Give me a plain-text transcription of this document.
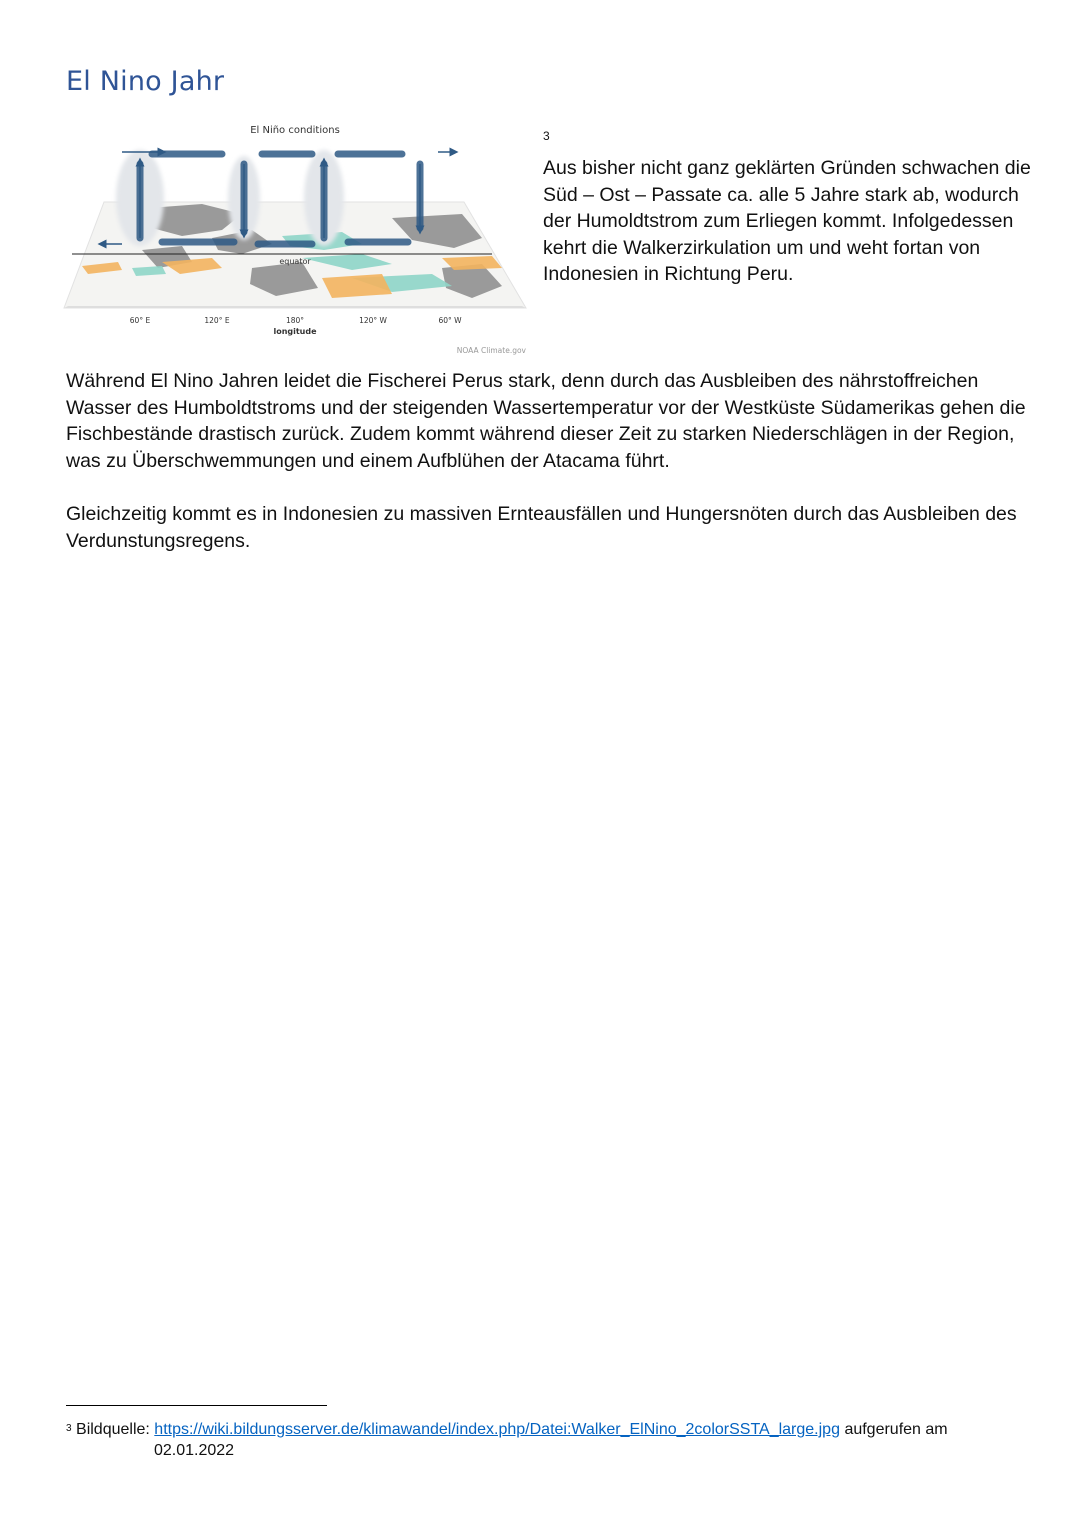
El Nino Jahr
El Niño conditions
equator
60° E	120° E	180°	120° W	60° W
longitude
NOAA Climate.gov
3

Aus bisher nicht ganz geklärten Gründen schwachen die Süd – Ost – Passate ca. alle 5 Jahre stark ab, wodurch der Humoldtstrom zum Erliegen kommt. Infolgedessen kehrt die Walkerzirkulation um und weht fortan von Indonesien in Richtung Peru.

Während El Nino Jahren leidet die Fischerei Perus stark, denn durch das Ausbleiben des nährstoffreichen Wasser des Humboldtstroms und der steigenden Wassertemperatur vor der Westküste Südamerikas gehen die Fischbestände drastisch zurück. Zudem kommt während dieser Zeit zu starken Niederschlägen in der Region, was zu Überschwemmungen und einem Aufblühen der Atacama führt.

Gleichzeitig kommt es in Indonesien zu massiven Ernteausfällen und Hungersnöten durch das Ausbleiben des Verdunstungsregens.

$^3$ Bildquelle: https://wiki.bildungsserver.de/klimawandel/index.php/Datei:Walker_ElNino_2colorSSTA_large.jpg aufgerufen am
02.01.2022
